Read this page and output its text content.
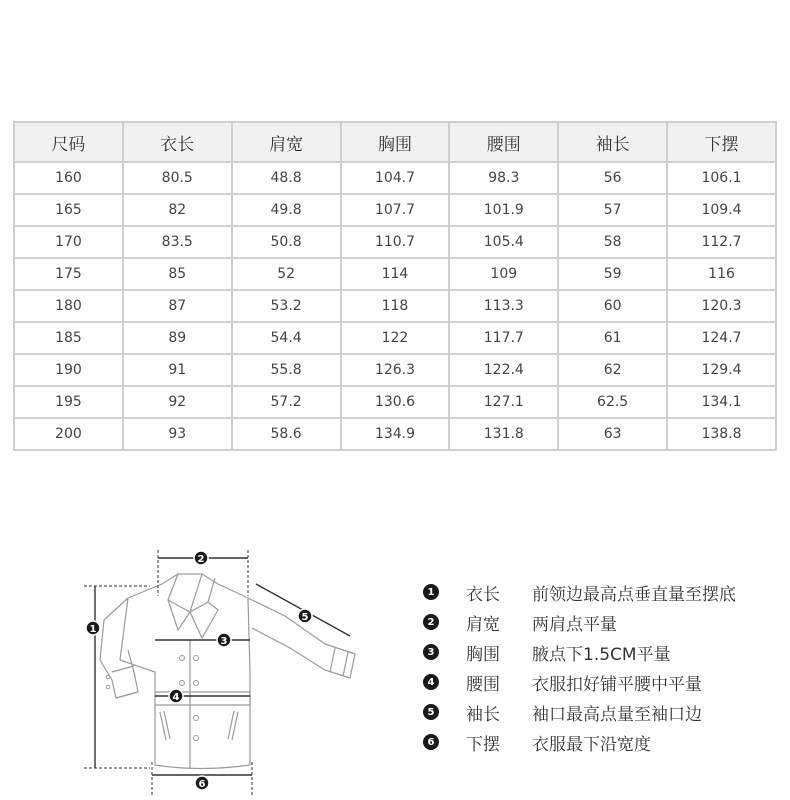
尺码	衣长	肩宽	胸围	腰围	袖长	下摆
160	80.5	48.8	104.7	98.3	56	106.1
165	82	49.8	107.7	101.9	57	109.4
170	83.5	50.8	110.7	105.4	58	112.7
175	85	52	114	109	59	116
180	87	53.2	118	113.3	60	120.3
185	89	54.4	122	117.7	61	124.7
190	91	55.8	126.3	122.4	62	129.4
195	92	57.2	130.6	127.1	62.5	134.1
200	93	58.6	134.9	131.8	63	138.8
1
2
3
4
5
6
1 衣长	前领边最高点垂直量至摆底
2 肩宽	两肩点平量
3 胸围	腋点下1.5CM平量
4 腰围	衣服扣好铺平腰中平量
5 袖长	袖口最高点量至袖口边
6 下摆	衣服最下沿宽度
